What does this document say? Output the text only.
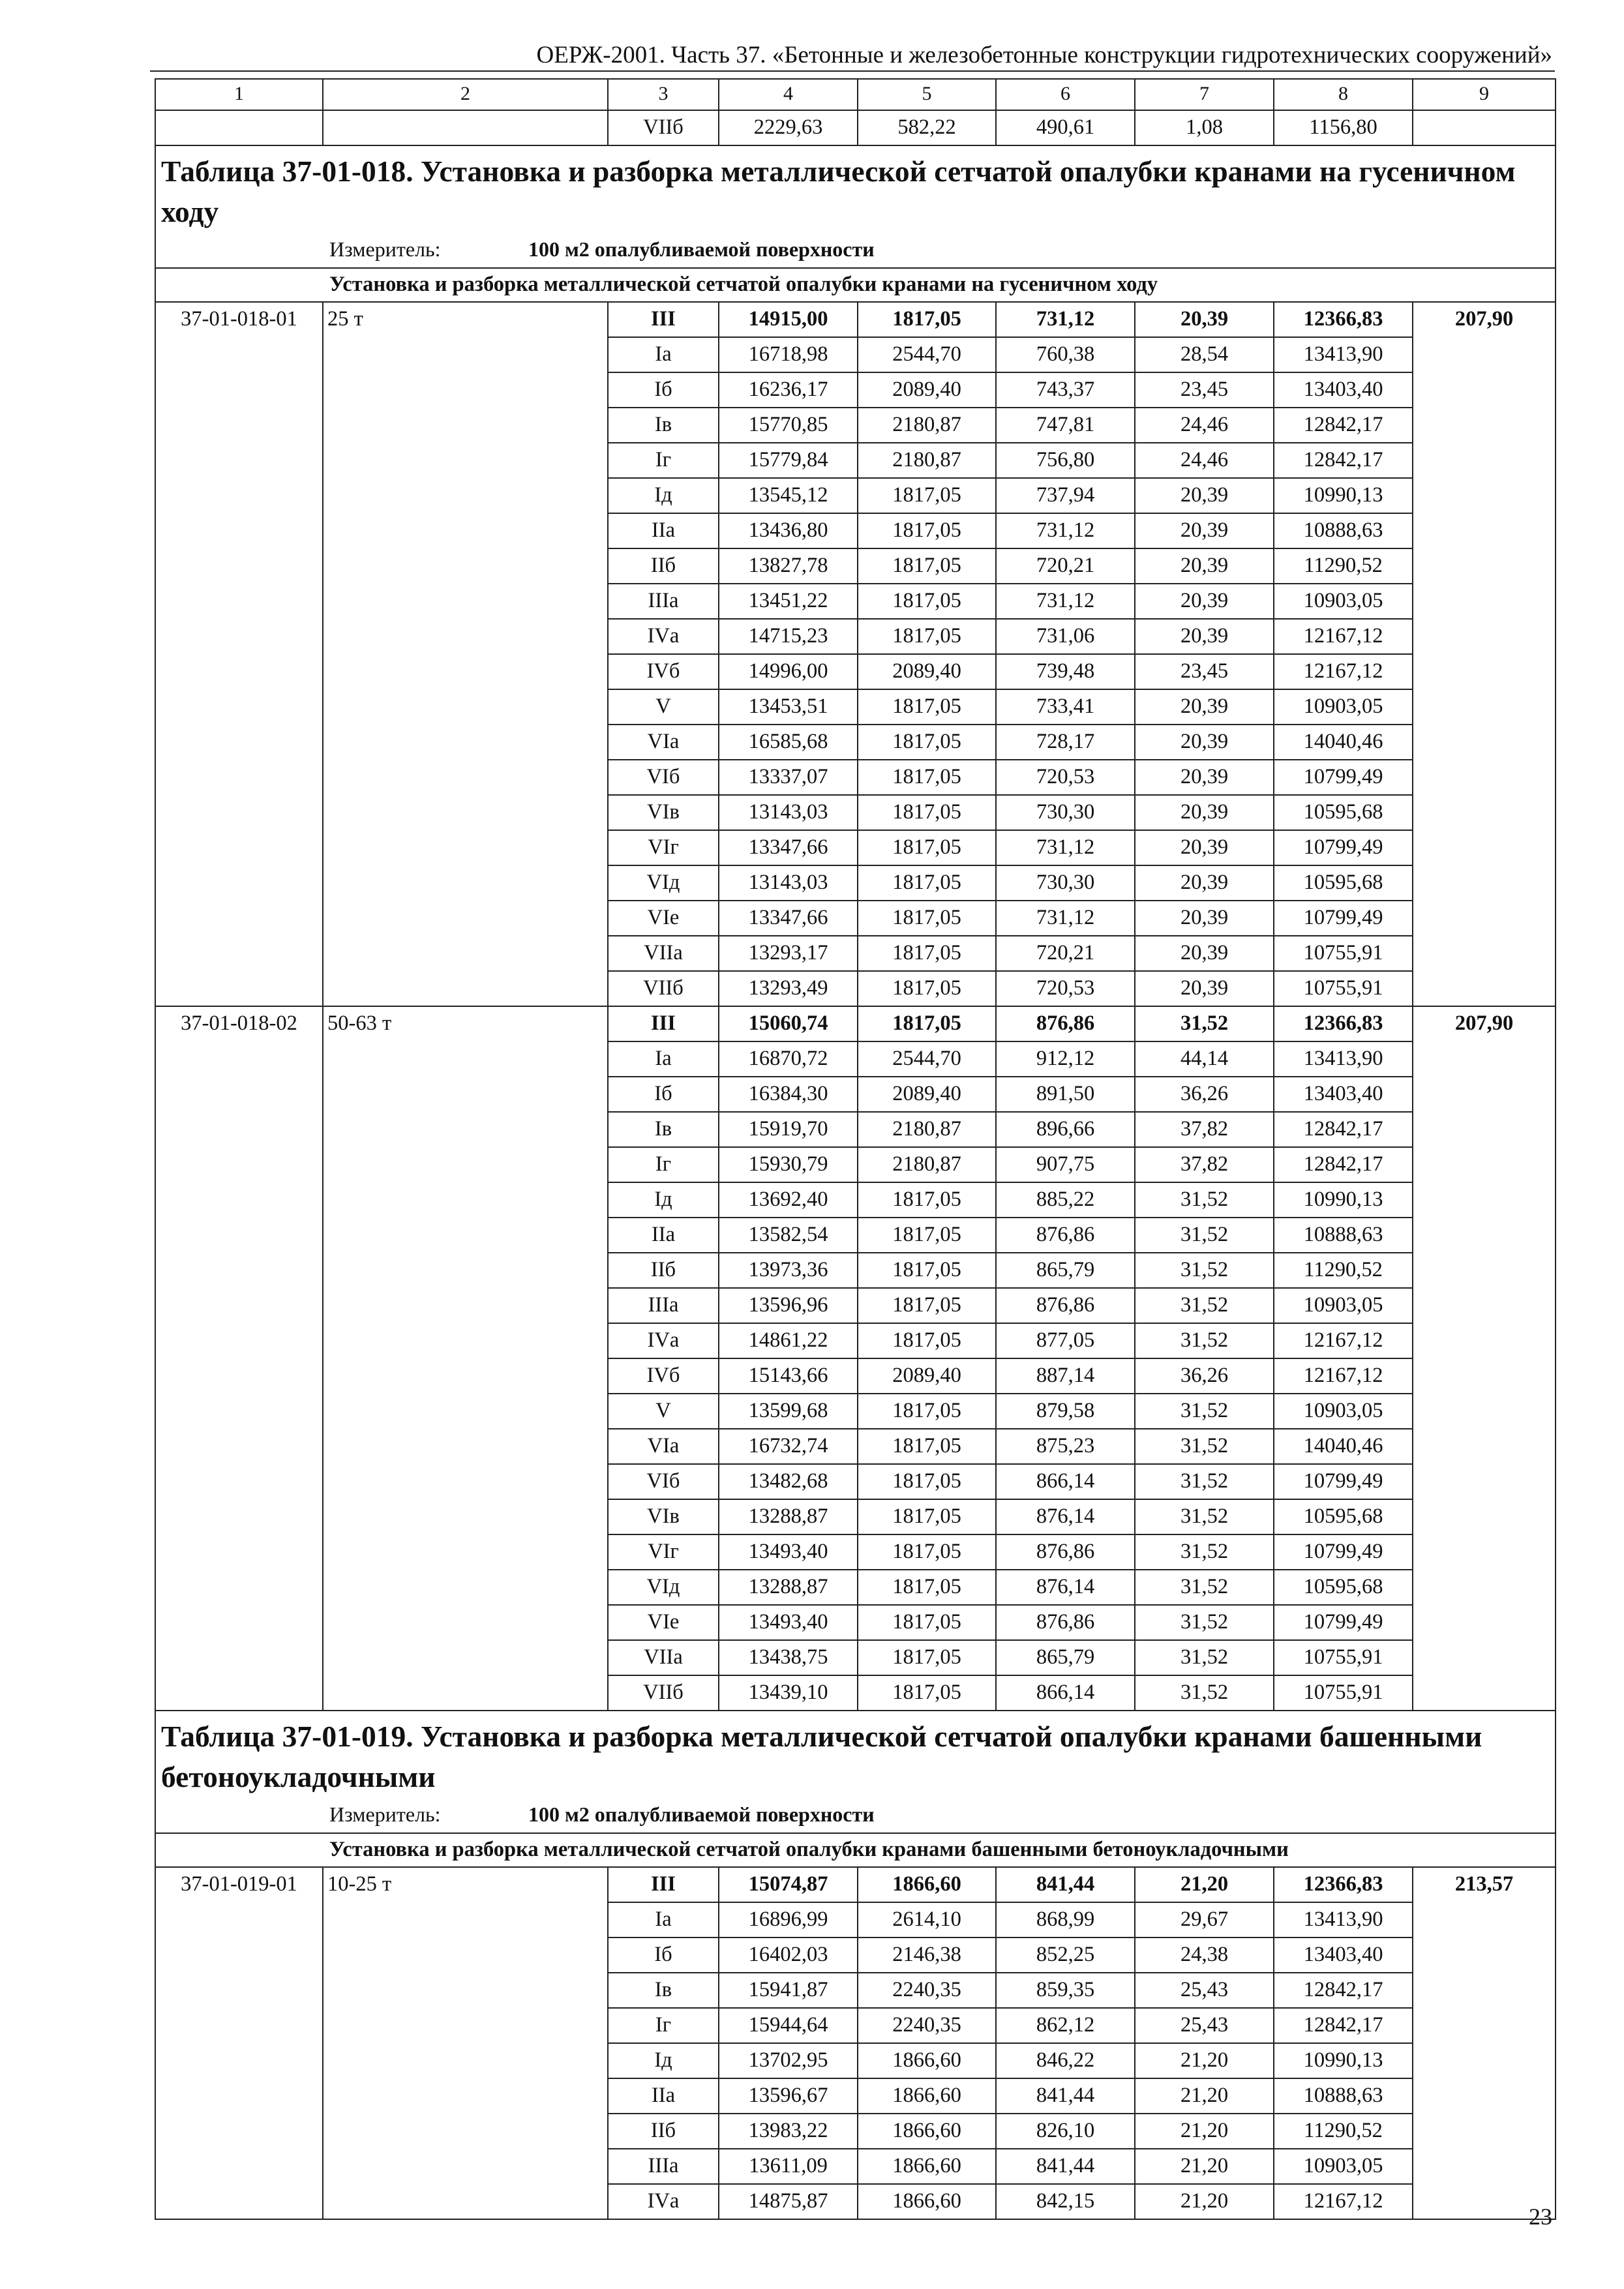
ОЕРЖ-2001. Часть 37. «Бетонные и железобетонные конструкции гидротехнических сооружений»
1	2	3	4	5	6	7	8	9
		VIIб	2229,63	582,22	490,61	1,08	1156,80	
Таблица 37-01-018. Установка и разборка металлической сетчатой опалубки кранами на гусеничном ходу								
Измеритель: 100 м2 опалубливаемой поверхности								
Установка и разборка металлической сетчатой опалубки кранами на гусеничном ходу								
37-01-018-01	25 т	III	14915,00	1817,05	731,12	20,39	12366,83	207,90
		Iа	16718,98	2544,70	760,38	28,54	13413,90	
		Iб	16236,17	2089,40	743,37	23,45	13403,40	
		Iв	15770,85	2180,87	747,81	24,46	12842,17	
		Iг	15779,84	2180,87	756,80	24,46	12842,17	
		Iд	13545,12	1817,05	737,94	20,39	10990,13	
		IIа	13436,80	1817,05	731,12	20,39	10888,63	
		IIб	13827,78	1817,05	720,21	20,39	11290,52	
		IIIа	13451,22	1817,05	731,12	20,39	10903,05	
		IVа	14715,23	1817,05	731,06	20,39	12167,12	
		IVб	14996,00	2089,40	739,48	23,45	12167,12	
		V	13453,51	1817,05	733,41	20,39	10903,05	
		VIа	16585,68	1817,05	728,17	20,39	14040,46	
		VIб	13337,07	1817,05	720,53	20,39	10799,49	
		VIв	13143,03	1817,05	730,30	20,39	10595,68	
		VIг	13347,66	1817,05	731,12	20,39	10799,49	
		VIд	13143,03	1817,05	730,30	20,39	10595,68	
		VIе	13347,66	1817,05	731,12	20,39	10799,49	
		VIIа	13293,17	1817,05	720,21	20,39	10755,91	
		VIIб	13293,49	1817,05	720,53	20,39	10755,91	
37-01-018-02	50-63 т	III	15060,74	1817,05	876,86	31,52	12366,83	207,90
		Iа	16870,72	2544,70	912,12	44,14	13413,90	
		Iб	16384,30	2089,40	891,50	36,26	13403,40	
		Iв	15919,70	2180,87	896,66	37,82	12842,17	
		Iг	15930,79	2180,87	907,75	37,82	12842,17	
		Iд	13692,40	1817,05	885,22	31,52	10990,13	
		IIа	13582,54	1817,05	876,86	31,52	10888,63	
		IIб	13973,36	1817,05	865,79	31,52	11290,52	
		IIIа	13596,96	1817,05	876,86	31,52	10903,05	
		IVа	14861,22	1817,05	877,05	31,52	12167,12	
		IVб	15143,66	2089,40	887,14	36,26	12167,12	
		V	13599,68	1817,05	879,58	31,52	10903,05	
		VIа	16732,74	1817,05	875,23	31,52	14040,46	
		VIб	13482,68	1817,05	866,14	31,52	10799,49	
		VIв	13288,87	1817,05	876,14	31,52	10595,68	
		VIг	13493,40	1817,05	876,86	31,52	10799,49	
		VIд	13288,87	1817,05	876,14	31,52	10595,68	
		VIе	13493,40	1817,05	876,86	31,52	10799,49	
		VIIа	13438,75	1817,05	865,79	31,52	10755,91	
		VIIб	13439,10	1817,05	866,14	31,52	10755,91	
Таблица 37-01-019. Установка и разборка металлической сетчатой опалубки кранами башенными бетоноукладочными								
Измеритель: 100 м2 опалубливаемой поверхности								
Установка и разборка металлической сетчатой опалубки кранами башенными бетоноукладочными								
37-01-019-01	10-25 т	III	15074,87	1866,60	841,44	21,20	12366,83	213,57
		Iа	16896,99	2614,10	868,99	29,67	13413,90	
		Iб	16402,03	2146,38	852,25	24,38	13403,40	
		Iв	15941,87	2240,35	859,35	25,43	12842,17	
		Iг	15944,64	2240,35	862,12	25,43	12842,17	
		Iд	13702,95	1866,60	846,22	21,20	10990,13	
		IIа	13596,67	1866,60	841,44	21,20	10888,63	
		IIб	13983,22	1866,60	826,10	21,20	11290,52	
		IIIа	13611,09	1866,60	841,44	21,20	10903,05	
		IVа	14875,87	1866,60	842,15	21,20	12167,12	
23
